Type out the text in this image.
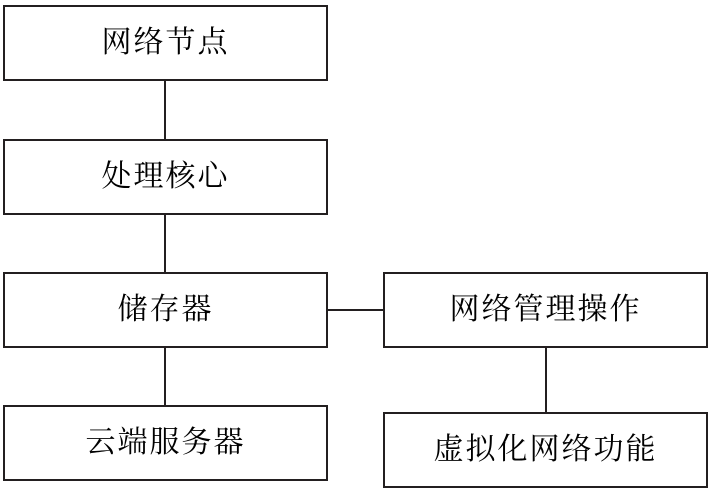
网络节点
处理核心
储存器
云端服务器
网络管理操作
虚拟化网络功能
